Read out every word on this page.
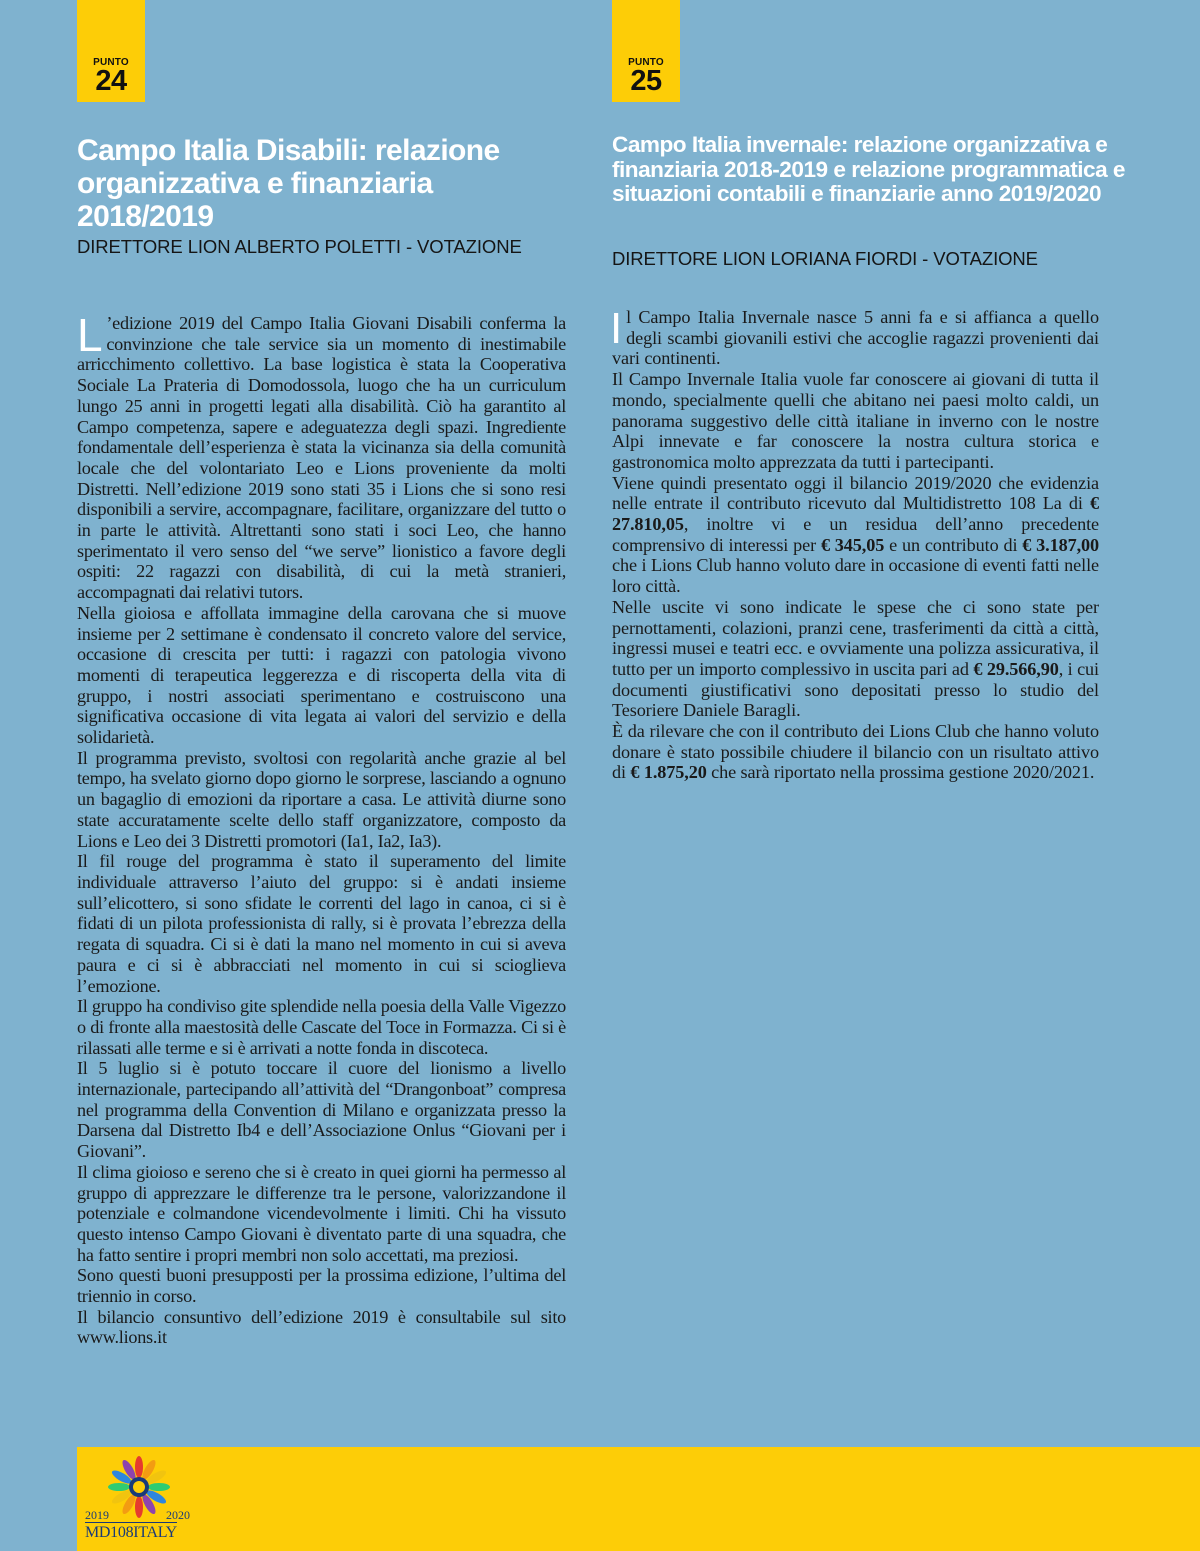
PUNTO
24
PUNTO
25
Campo Italia Disabili: relazione organizzativa e finanziaria 2018/2019
DIRETTORE LION ALBERTO POLETTI - VOTAZIONE
Campo Italia invernale: relazione organizzativa e finanziaria 2018-2019 e relazione programmatica e situazioni contabili e finanziarie anno 2019/2020
DIRETTORE LION LORIANA FIORDI - VOTAZIONE

L ’edizione 2019 del Campo Italia Giovani Disabili conferma la convinzione che tale service sia un momento di inestimabile arricchimento collettivo. La base logistica è stata la Cooperativa Sociale La Prateria di Domodossola, luogo che ha un curriculum lungo 25 anni in progetti legati alla disabilità. Ciò ha garantito al Campo competenza, sapere e adeguatezza degli spazi. Ingrediente fondamentale dell’esperienza è stata la vicinanza sia della comunità locale che del volontariato Leo e Lions proveniente da molti Distretti. Nell’edizione 2019 sono stati 35 i Lions che si sono resi disponibili a servire, accompagnare, facilitare, organizzare del tutto o in parte le attività. Altrettanti sono stati i soci Leo, che hanno sperimentato il vero senso del “we serve” lionistico a favore degli ospiti: 22 ragazzi con disabilità, di cui la metà stranieri, accompagnati dai relativi tutors.

Nella gioiosa e affollata immagine della carovana che si muove insieme per 2 settimane è condensato il concreto valore del service, occasione di crescita per tutti: i ragazzi con patologia vivono momenti di terapeutica leggerezza e di riscoperta della vita di gruppo, i nostri associati sperimentano e costruiscono una significativa occasione di vita legata ai valori del servizio e della solidarietà.

Il programma previsto, svoltosi con regolarità anche grazie al bel tempo, ha svelato giorno dopo giorno le sorprese, lasciando a ognuno un bagaglio di emozioni da riportare a casa. Le attività diurne sono state accuratamente scelte dello staff organizzatore, composto da Lions e Leo dei 3 Distretti promotori (Ia1, Ia2, Ia3).

Il fil rouge del programma è stato il superamento del limite individuale attraverso l’aiuto del gruppo: si è andati insieme sull’elicottero, si sono sfidate le correnti del lago in canoa, ci si è fidati di un pilota professionista di rally, si è provata l’ebrezza della regata di squadra. Ci si è dati la mano nel momento in cui si aveva paura e ci si è abbracciati nel momento in cui si scioglieva l’emozione.

Il gruppo ha condiviso gite splendide nella poesia della Valle Vigezzo o di fronte alla maestosità delle Cascate del Toce in Formazza. Ci si è rilassati alle terme e si è arrivati a notte fonda in discoteca.

Il 5 luglio si è potuto toccare il cuore del lionismo a livello internazionale, partecipando all’attività del “Drangonboat” compresa nel programma della Convention di Milano e organizzata presso la Darsena dal Distretto Ib4 e dell’Associazione Onlus “Giovani per i Giovani”.

Il clima gioioso e sereno che si è creato in quei giorni ha permesso al gruppo di apprezzare le differenze tra le persone, valorizzandone il potenziale e colmandone vicendevolmente i limiti. Chi ha vissuto questo intenso Campo Giovani è diventato parte di una squadra, che ha fatto sentire i propri membri non solo accettati, ma preziosi.

Sono questi buoni presupposti per la prossima edizione, l’ultima del triennio in corso.

Il bilancio consuntivo dell’edizione 2019 è consultabile sul sito www.lions.it

Il Campo Italia Invernale nasce 5 anni fa e si affianca a quello degli scambi giovanili estivi che accoglie ragazzi provenienti dai vari continenti.

Il Campo Invernale Italia vuole far conoscere ai giovani di tutta il mondo, specialmente quelli che abitano nei paesi molto caldi, un panorama suggestivo delle città italiane in inverno con le nostre Alpi innevate e far conoscere la nostra cultura storica e gastronomica molto apprezzata da tutti i partecipanti.

Viene quindi presentato oggi il bilancio 2019/2020 che evidenzia nelle entrate il contributo ricevuto dal Multidistretto 108 La di € 27.810,05, inoltre vi e un residua dell’anno precedente comprensivo di interessi per € 345,05 e un contributo di € 3.187,00 che i Lions Club hanno voluto dare in occasione di eventi fatti nelle loro città.

Nelle uscite vi sono indicate le spese che ci sono state per pernottamenti, colazioni, pranzi cene, trasferimenti da città a città, ingressi musei e teatri ecc. e ovviamente una polizza assicurativa, il tutto per un importo complessivo in uscita pari ad € 29.566,90, i cui documenti giustificativi sono depositati presso lo studio del Tesoriere Daniele Baragli.

È da rilevare che con il contributo dei Lions Club che hanno voluto donare è stato possibile chiudere il bilancio con un risultato attivo di € 1.875,20 che sarà riportato nella prossima gestione 2020/2021.

2019	2020
MD108ITALY
